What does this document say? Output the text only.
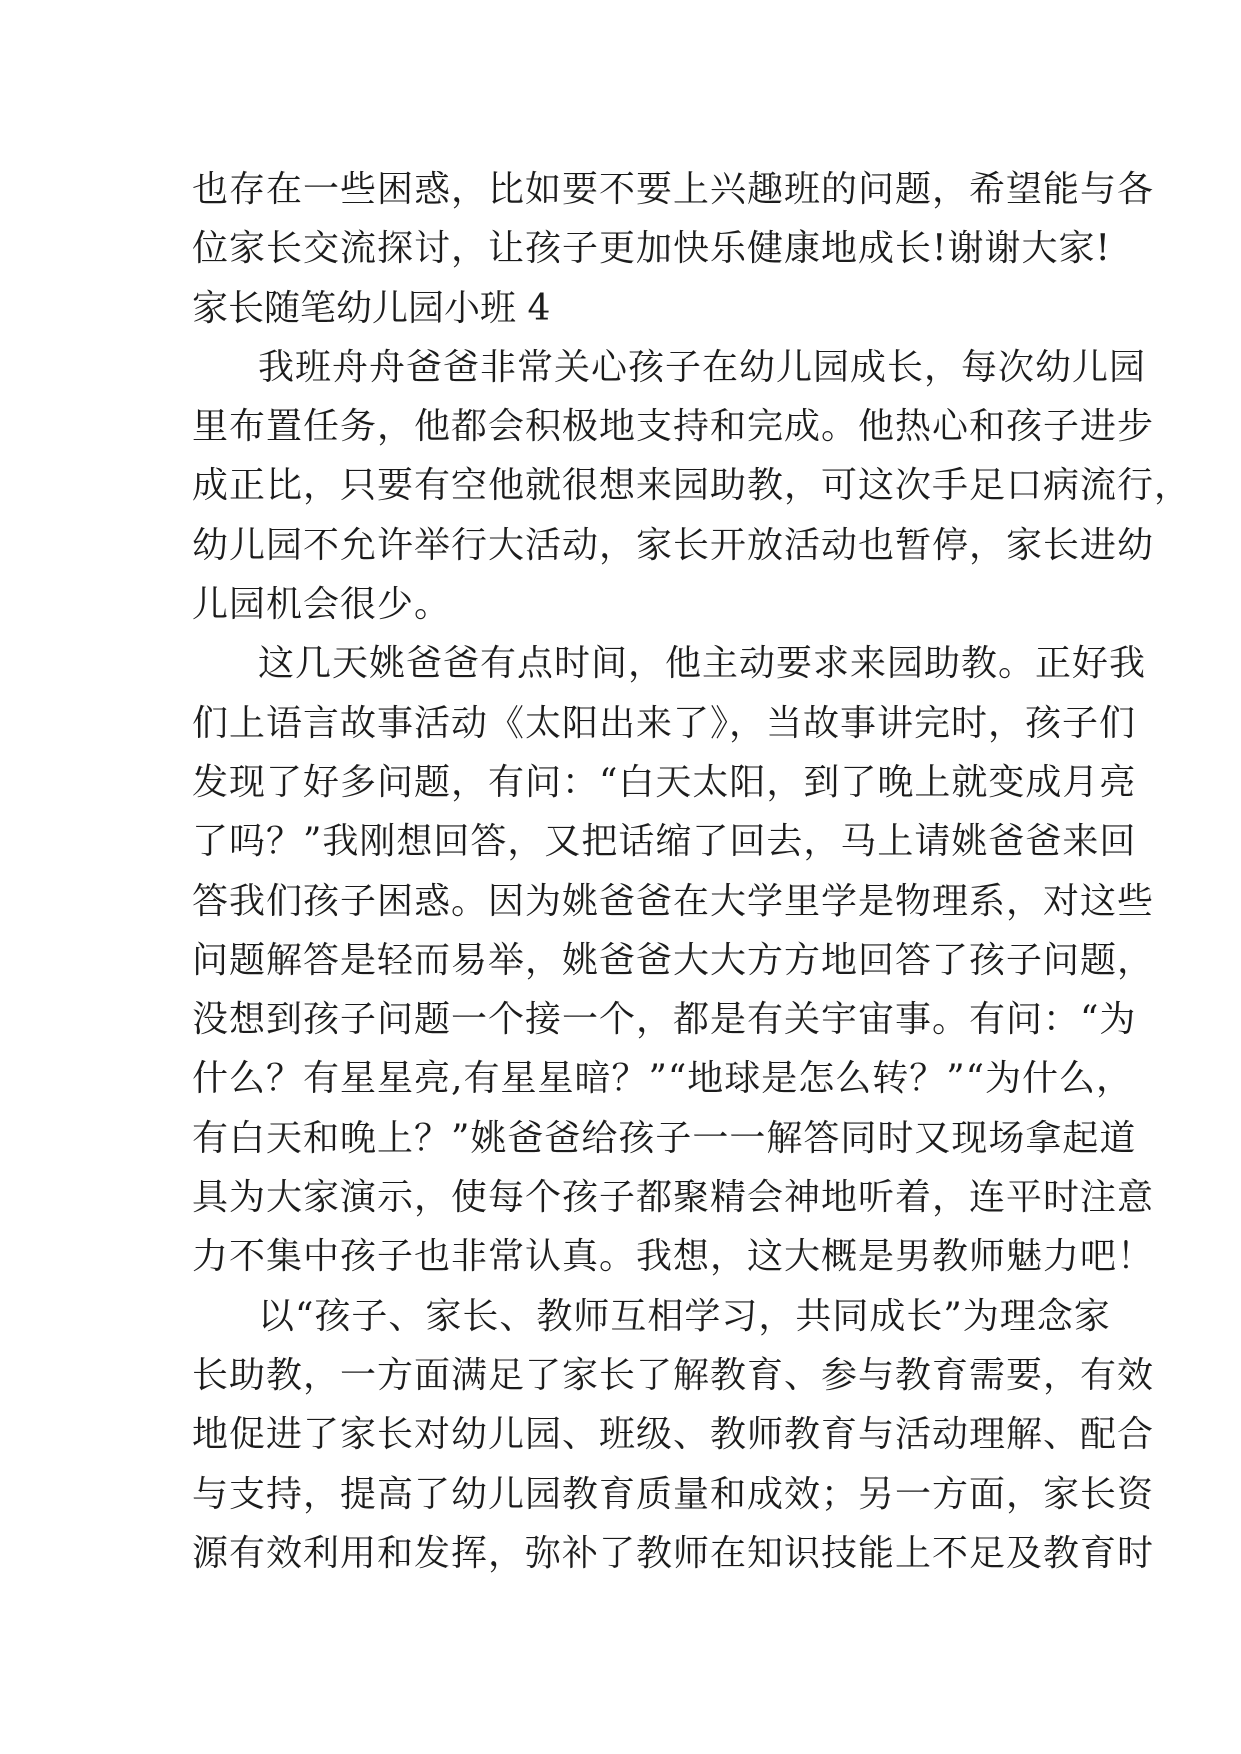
也存在一些困惑，比如要不要上兴趣班的问题，希望能与各
位家长交流探讨，让孩子更加快乐健康地成长!谢谢大家!
家长随笔幼儿园小班 4
我班舟舟爸爸非常关心孩子在幼儿园成长，每次幼儿园
里布置任务，他都会积极地支持和完成。他热心和孩子进步
成正比，只要有空他就很想来园助教，可这次手足口病流行，
幼儿园不允许举行大活动，家长开放活动也暂停，家长进幼
儿园机会很少。
这几天姚爸爸有点时间，他主动要求来园助教。正好我
们上语言故事活动《太阳出来了》，当故事讲完时，孩子们
发现了好多问题，有问：“白天太阳，到了晚上就变成月亮
了吗？”我刚想回答，又把话缩了回去，马上请姚爸爸来回
答我们孩子困惑。因为姚爸爸在大学里学是物理系，对这些
问题解答是轻而易举，姚爸爸大大方方地回答了孩子问题，
没想到孩子问题一个接一个，都是有关宇宙事。有问：“为
什么？有星星亮,有星星暗？”“地球是怎么转？”“为什么，
有白天和晚上？”姚爸爸给孩子一一解答同时又现场拿起道
具为大家演示，使每个孩子都聚精会神地听着，连平时注意
力不集中孩子也非常认真。我想，这大概是男教师魅力吧！
以“孩子、家长、教师互相学习，共同成长”为理念家
长助教，一方面满足了家长了解教育、参与教育需要，有效
地促进了家长对幼儿园、班级、教师教育与活动理解、配合
与支持，提高了幼儿园教育质量和成效；另一方面，家长资
源有效利用和发挥，弥补了教师在知识技能上不足及教育时
